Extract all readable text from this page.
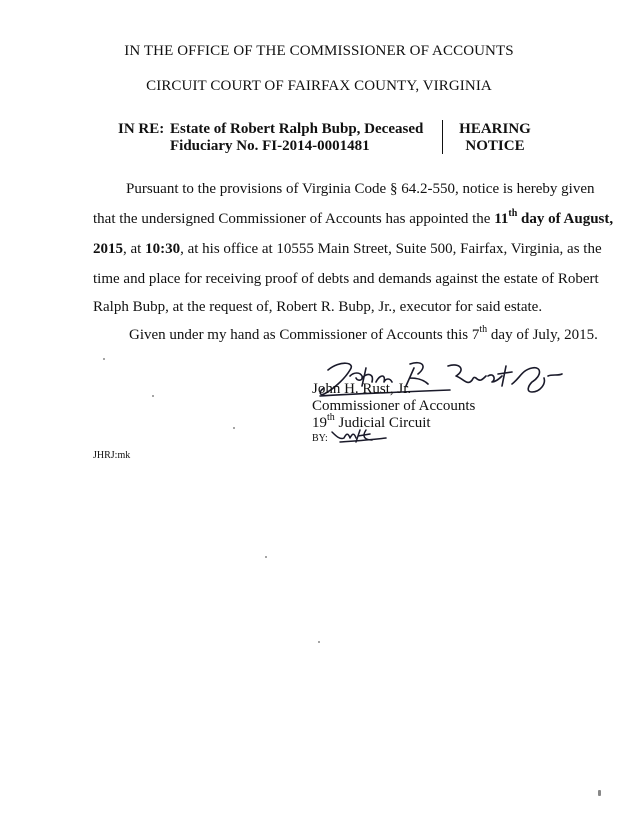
IN THE OFFICE OF THE COMMISSIONER OF ACCOUNTS
CIRCUIT COURT OF FAIRFAX COUNTY, VIRGINIA
IN RE: Estate of Robert Ralph Bubp, Deceased
Fiduciary No. FI-2014-0001481
HEARING
NOTICE
Pursuant to the provisions of Virginia Code § 64.2-550, notice is hereby given
that the undersigned Commissioner of Accounts has appointed the 11th day of August,
2015, at 10:30, at his office at 10555 Main Street, Suite 500, Fairfax, Virginia, as the
time and place for receiving proof of debts and demands against the estate of Robert
Ralph Bubp, at the request of, Robert R. Bubp, Jr., executor for said estate.
Given under my hand as Commissioner of Accounts this 7th day of July, 2015.
John H. Rust, Jr.
Commissioner of Accounts
19th Judicial Circuit
BY:
JHRJ:mk
